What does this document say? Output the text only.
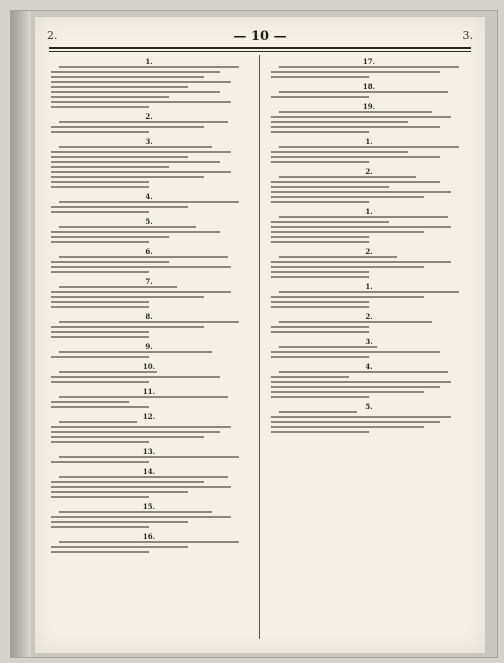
2.	3.
— 10 —
1.
2.
3.
4.
5.
6.
7.
8.
9.
10.
11.
12.
13.
14.
15.
16.
17.
18.
19.
1.
2.
1.
2.
1.
2.
3.
4.
5.
